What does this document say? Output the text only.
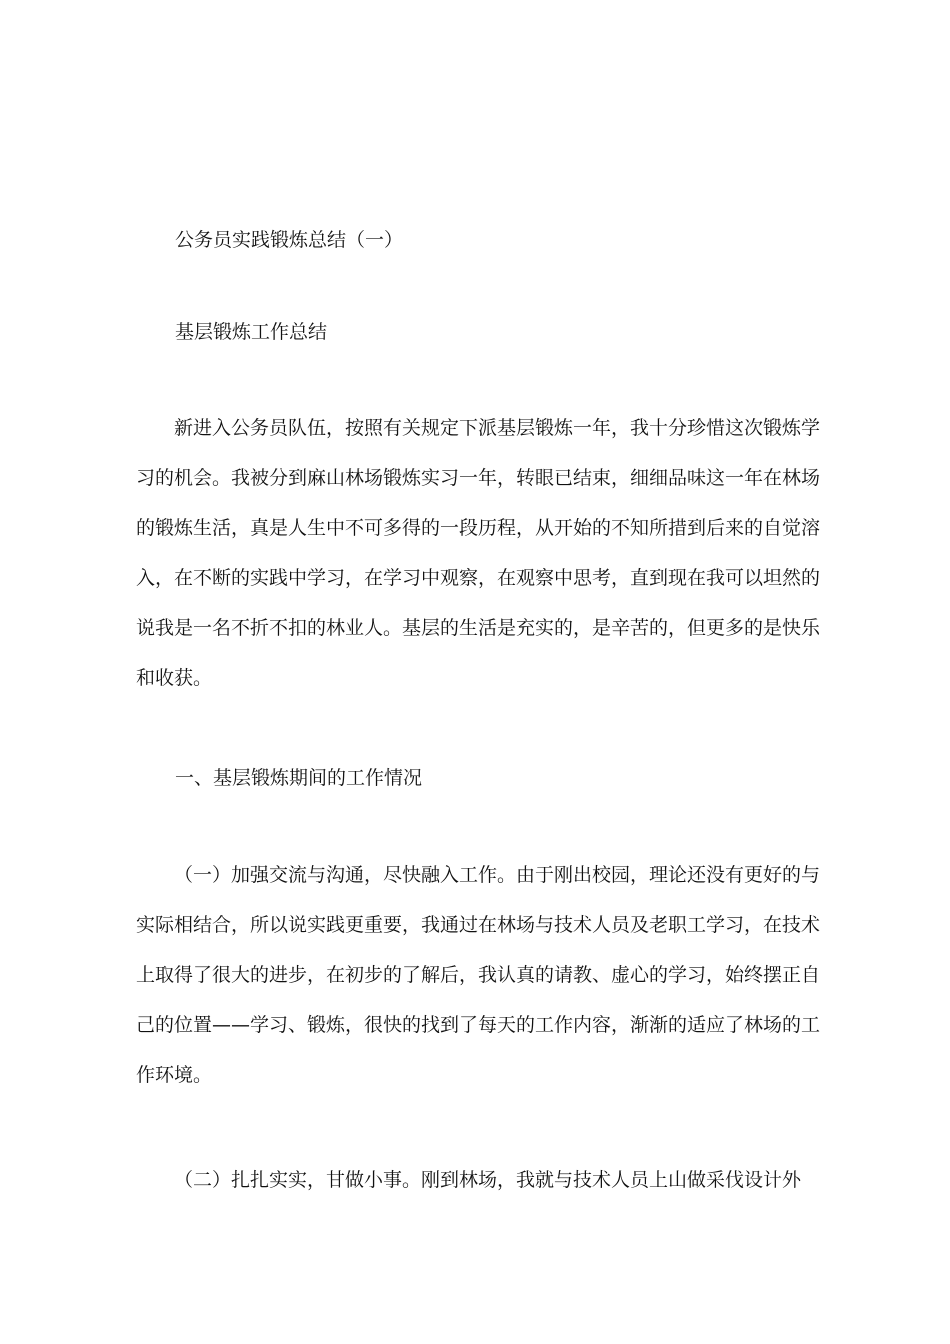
公务员实践锻炼总结（一）
基层锻炼工作总结

新进入公务员队伍，按照有关规定下派基层锻炼一年，我十分珍惜这次锻炼学习的机会。我被分到麻山林场锻炼实习一年，转眼已结束，细细品味这一年在林场的锻炼生活，真是人生中不可多得的一段历程，从开始的不知所措到后来的自觉溶入，在不断的实践中学习，在学习中观察，在观察中思考，直到现在我可以坦然的说我是一名不折不扣的林业人。基层的生活是充实的，是辛苦的，但更多的是快乐和收获。

一、基层锻炼期间的工作情况

（一）加强交流与沟通，尽快融入工作。由于刚出校园，理论还没有更好的与实际相结合，所以说实践更重要，我通过在林场与技术人员及老职工学习，在技术上取得了很大的进步，在初步的了解后，我认真的请教、虚心的学习，始终摆正自己的位置——学习、锻炼，很快的找到了每天的工作内容，渐渐的适应了林场的工作环境。

（二）扎扎实实，甘做小事。刚到林场，我就与技术人员上山做采伐设计外
